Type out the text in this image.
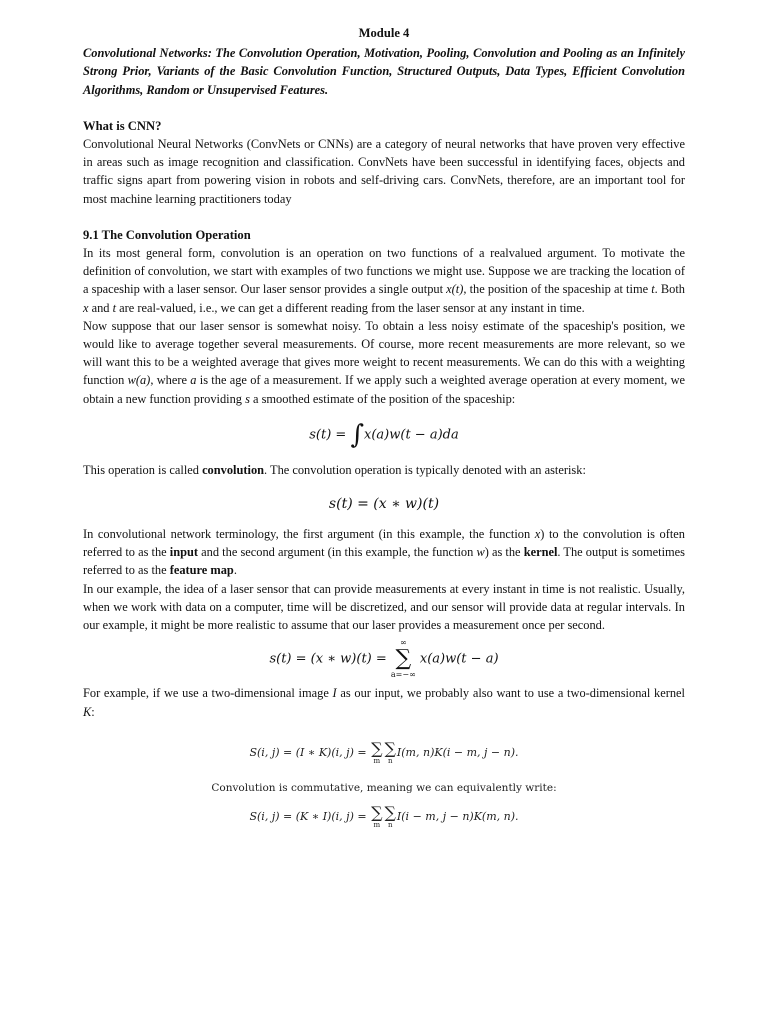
Module 4

Convolutional Networks: The Convolution Operation, Motivation, Pooling, Convolution and Pooling as an Infinitely Strong Prior, Variants of the Basic Convolution Function, Structured Outputs, Data Types, Efficient Convolution Algorithms, Random or Unsupervised Features.

What is CNN?

Convolutional Neural Networks (ConvNets or CNNs) are a category of neural networks that have proven very effective in areas such as image recognition and classification. ConvNets have been successful in identifying faces, objects and traffic signs apart from powering vision in robots and self-driving cars. ConvNets, therefore, are an important tool for most machine learning practitioners today

9.1 The Convolution Operation

In its most general form, convolution is an operation on two functions of a realvalued argument. To motivate the definition of convolution, we start with examples of two functions we might use. Suppose we are tracking the location of a spaceship with a laser sensor. Our laser sensor provides a single output x(t), the position of the spaceship at time t. Both x and t are real-valued, i.e., we can get a different reading from the laser sensor at any instant in time.

Now suppose that our laser sensor is somewhat noisy. To obtain a less noisy estimate of the spaceship's position, we would like to average together several measurements. Of course, more recent measurements are more relevant, so we will want this to be a weighted average that gives more weight to recent measurements. We can do this with a weighting function w(a), where a is the age of a measurement. If we apply such a weighted average operation at every moment, we obtain a new function providing s a smoothed estimate of the position of the spaceship:

s(t) = ∫x(a)w(t − a)da

This operation is called convolution. The convolution operation is typically denoted with an asterisk:

s(t) = (x ∗ w)(t)

In convolutional network terminology, the first argument (in this example, the function x) to the convolution is often referred to as the input and the second argument (in this example, the function w) as the kernel. The output is sometimes referred to as the feature map.

In our example, the idea of a laser sensor that can provide measurements at every instant in time is not realistic. Usually, when we work with data on a computer, time will be discretized, and our sensor will provide data at regular intervals. In our example, it might be more realistic to assume that our laser provides a measurement once per second.

s(t) = (x ∗ w)(t) =
∞
∑
a=−∞
x(a)w(t − a)

For example, if we use a two-dimensional image I as our input, we probably also want to use a two-dimensional kernel K:

S(i, j) = (I ∗ K)(i, j) = ∑
m
∑
n
I(m, n)K(i − m, j − n).
Convolution is commutative, meaning we can equivalently write:
S(i, j) = (K ∗ I)(i, j) = ∑
m
∑
n
I(i − m, j − n)K(m, n).
